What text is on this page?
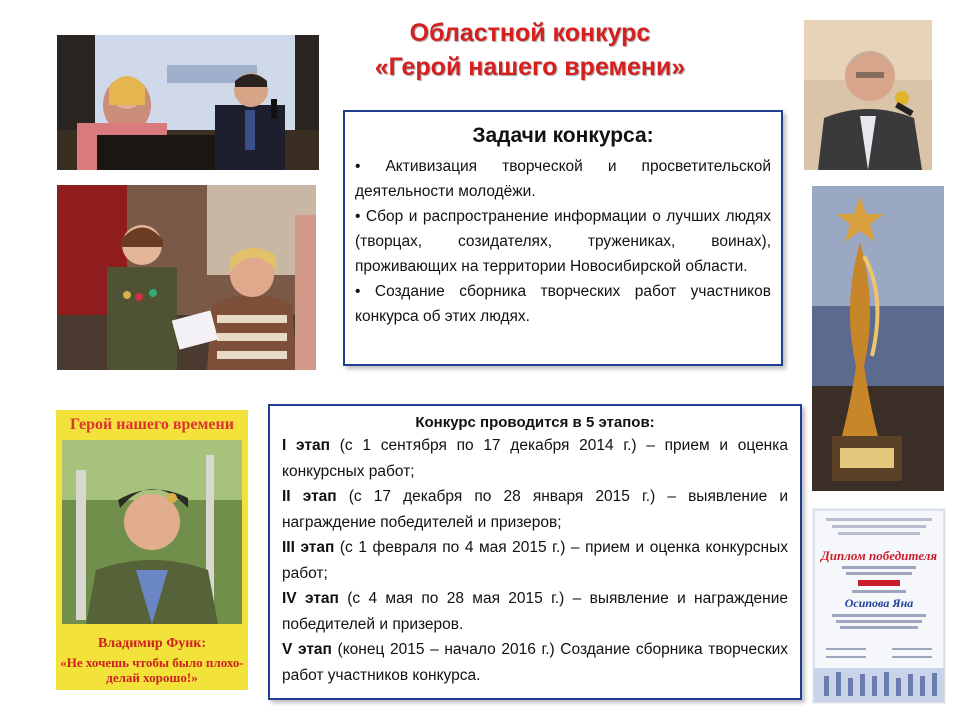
Областной конкурс
«Герой нашего времени»
Задачи конкурса:

• Активизация творческой и просветительской деятельности молодёжи.

• Сбор и распространение информации о лучших людях (творцах, созидателях, тружениках, воинах), проживающих на территории Новосибирской области.

• Создание сборника творческих работ участников конкурса об этих людях.

Герой нашего времени
Владимир Функ:
«Не хочешь чтобы было плохо- делай хорошо!»
Конкурс проводится в 5 этапов:

I этап (с 1 сентября по 17 декабря 2014 г.) – прием и оценка конкурсных работ;

II этап (с 17 декабря по 28 января 2015 г.) – выявление и награждение победителей и призеров;

III этап (с 1 февраля по 4 мая 2015 г.) – прием и оценка конкурсных работ;

IV этап (с 4 мая по 28 мая 2015 г.) – выявление и награждение победителей и призеров.

V этап (конец 2015 – начало 2016 г.) Создание сборника творческих работ участников конкурса.

Диплом победителя
Осипова Яна
